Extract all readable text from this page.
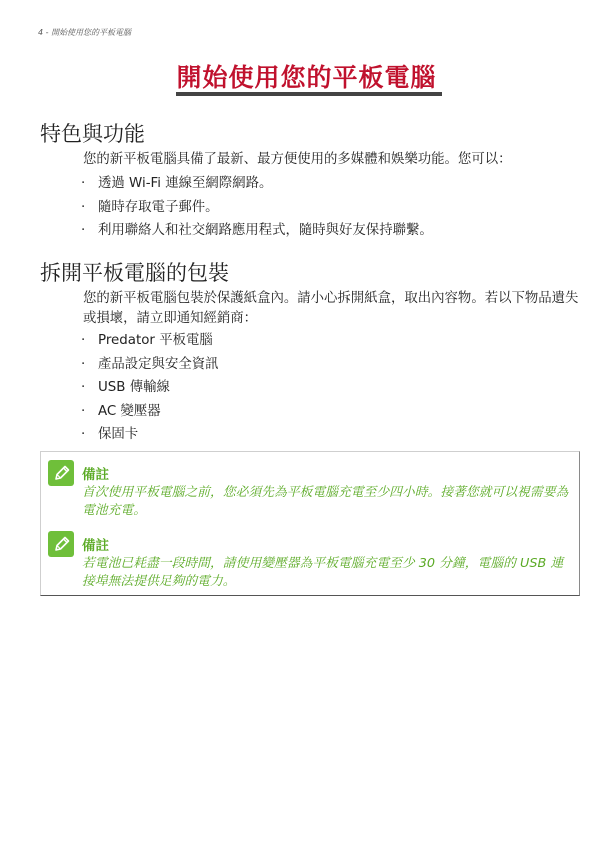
4 - 開始使用您的平板電腦
開始使用您的平板電腦
特色與功能

您的新平板電腦具備了最新、最方便使用的多媒體和娛樂功能。您可以：

· 透過 Wi-Fi 連線至網際網路。
· 隨時存取電子郵件。
· 利用聯絡人和社交網路應用程式，隨時與好友保持聯繫。
拆開平板電腦的包裝

您的新平板電腦包裝於保護紙盒內。請小心拆開紙盒，取出內容物。若以下物品遺失或損壞，請立即通知經銷商：

· Predator 平板電腦
· 產品設定與安全資訊
· USB 傳輸線
· AC 變壓器
· 保固卡
備註

首次使用平板電腦之前，您必須先為平板電腦充電至少四小時。接著您就可以視需要為電池充電。

備註

若電池已耗盡一段時間，請使用變壓器為平板電腦充電至少 30 分鐘，電腦的 USB 連接埠無法提供足夠的電力。
